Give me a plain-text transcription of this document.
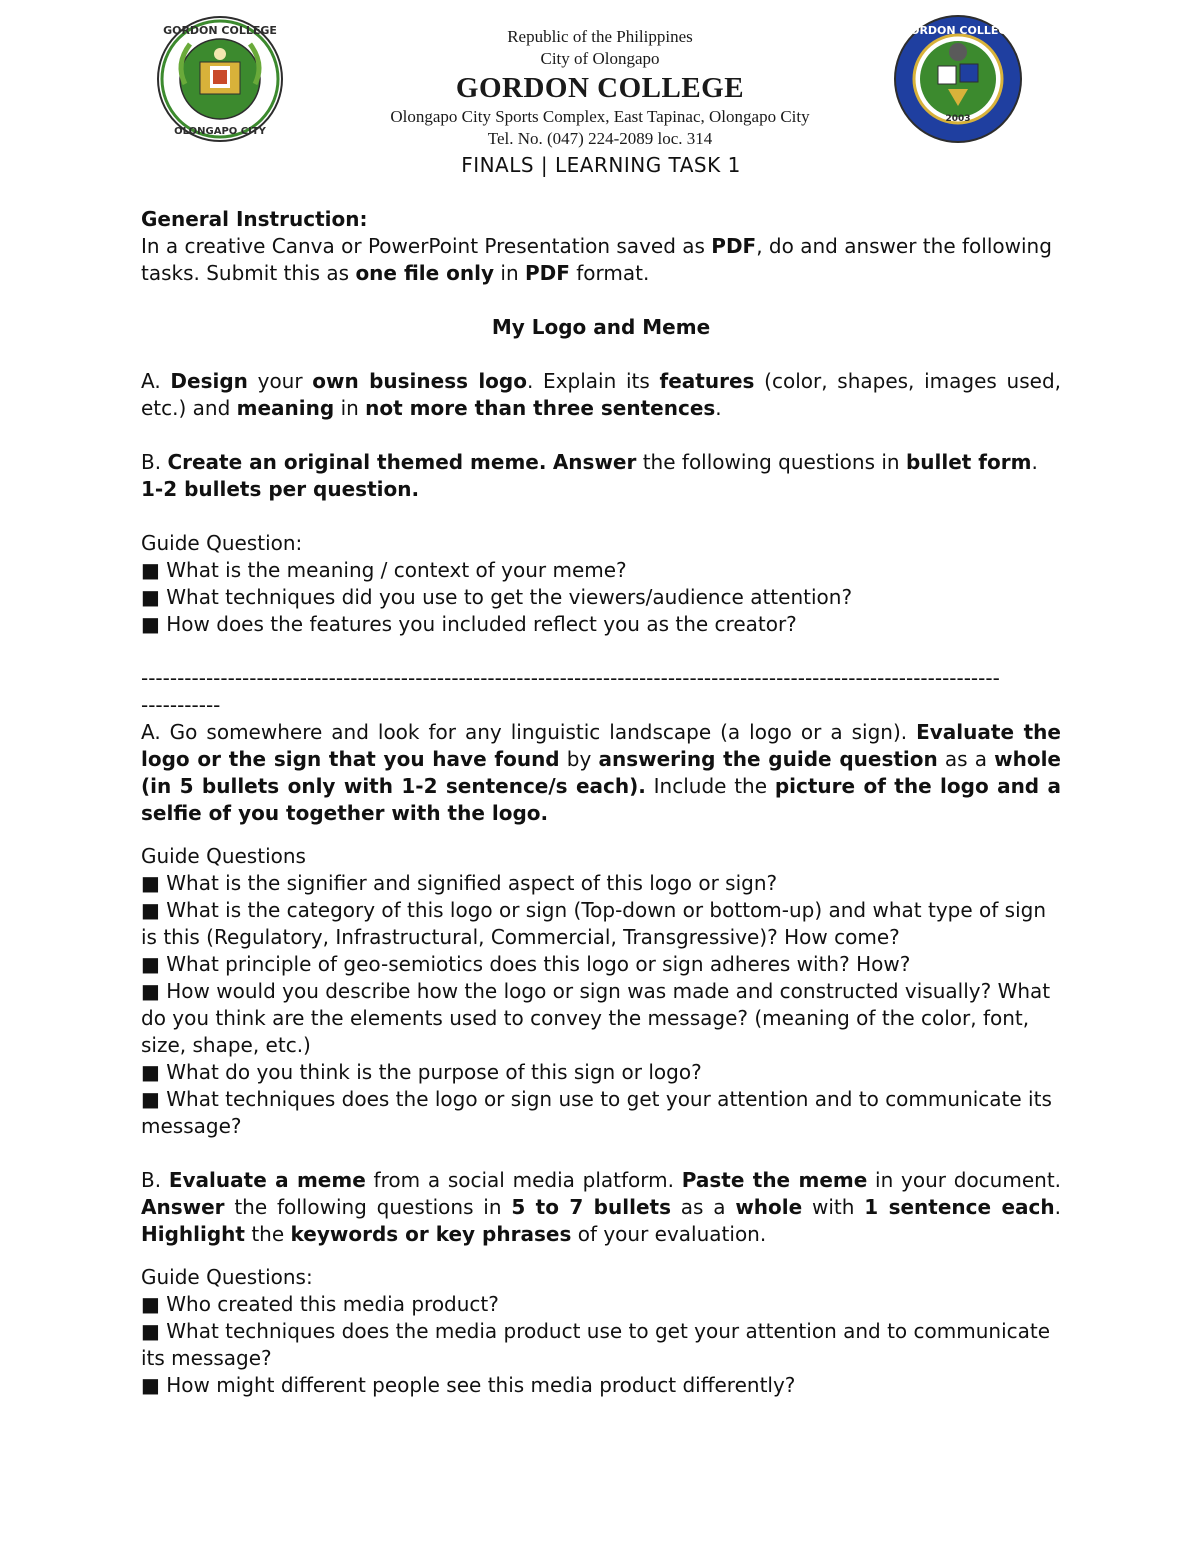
GORDON COLLEGE
OLONGAPO CITY
2003
GORDON COLLEGE
Republic of the Philippines
City of Olongapo
GORDON COLLEGE
Olongapo City Sports Complex, East Tapinac, Olongapo City
Tel. No. (047) 224-2089 loc. 314

FINALS | LEARNING TASK 1

General Instruction:

In a creative Canva or PowerPoint Presentation saved as PDF, do and answer the following tasks. Submit this as one file only in PDF format.

My Logo and Meme

A. Design your own business logo. Explain its features (color, shapes, images used, etc.) and meaning in not more than three sentences.

B. Create an original themed meme. Answer the following questions in bullet form. 1-2 bullets per question.

Guide Question:

■ What is the meaning / context of your meme?

■ What techniques did you use to get the viewers/audience attention?

■ How does the features you included reflect you as the creator?

-----------------------------------------------------------------------------------------------------------------------

-----------

A. Go somewhere and look for any linguistic landscape (a logo or a sign). Evaluate the logo or the sign that you have found by answering the guide question as a whole (in 5 bullets only with 1-2 sentence/s each). Include the picture of the logo and a selfie of you together with the logo.

Guide Questions

■ What is the signifier and signified aspect of this logo or sign?

■ What is the category of this logo or sign (Top-down or bottom-up) and what type of sign is this (Regulatory, Infrastructural, Commercial, Transgressive)? How come?

■ What principle of geo-semiotics does this logo or sign adheres with? How?

■ How would you describe how the logo or sign was made and constructed visually? What do you think are the elements used to convey the message? (meaning of the color, font, size, shape, etc.)

■ What do you think is the purpose of this sign or logo?

■ What techniques does the logo or sign use to get your attention and to communicate its message?

B. Evaluate a meme from a social media platform. Paste the meme in your document. Answer the following questions in 5 to 7 bullets as a whole with 1 sentence each. Highlight the keywords or key phrases of your evaluation.

Guide Questions:

■ Who created this media product?

■ What techniques does the media product use to get your attention and to communicate its message?

■ How might different people see this media product differently?
